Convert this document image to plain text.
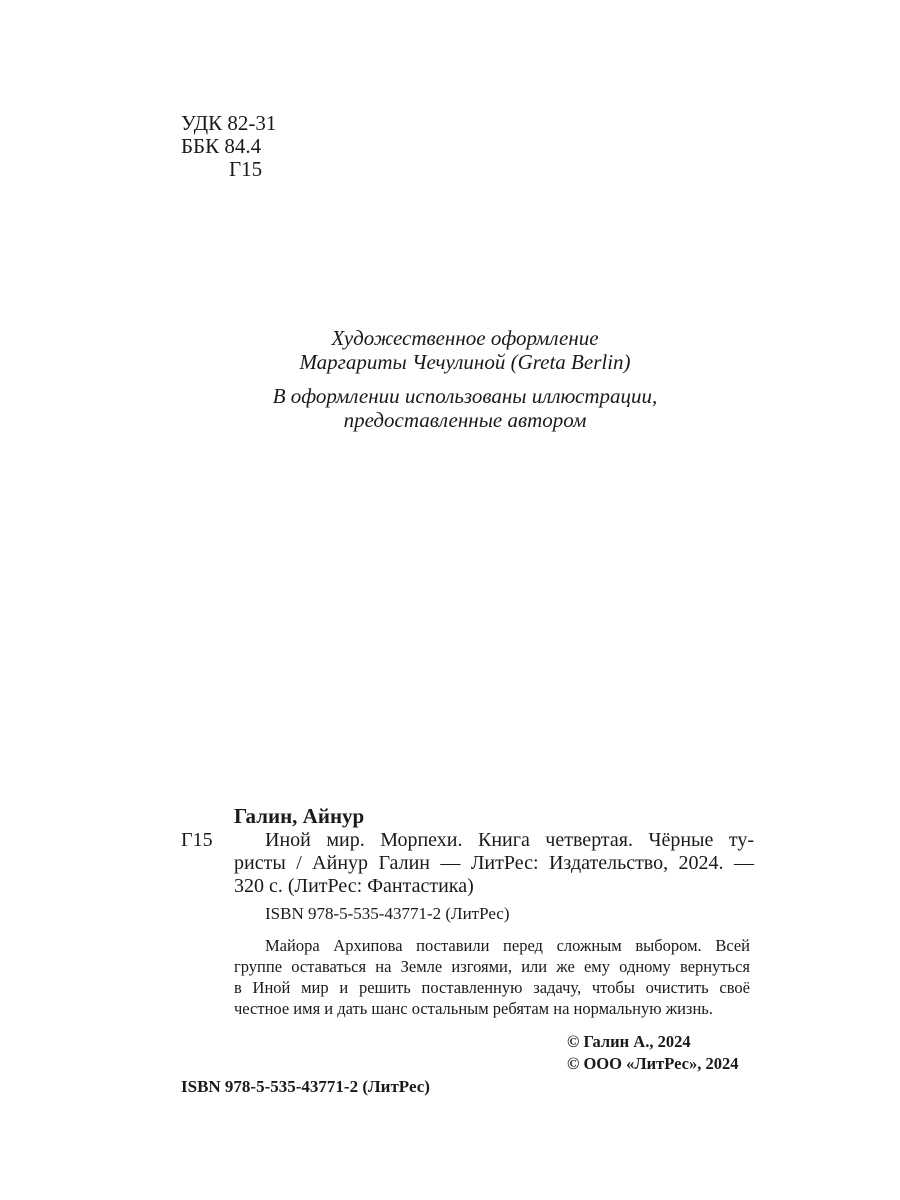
УДК 82-31
ББК 84.4
Г15
Художественное оформление
Маргариты Чечулиной (Greta Berlin)
В оформлении использованы иллюстрации,
предоставленные автором
Галин, Айнур
Г15	Иной мир. Морпехи. Книга четвертая. Чёрные ту-
ристы / Айнур Галин — ЛитРес: Издательство, 2024. —
320 с. (ЛитРес: Фантастика)
ISBN 978-5-535-43771-2 (ЛитРес)
Майора Архипова поставили перед сложным выбором. Всей
группе оставаться на Земле изгоями, или же ему одному вернуться
в Иной мир и решить поставленную задачу, чтобы очистить своё
честное имя и дать шанс остальным ребятам на нормальную жизнь.
ISBN 978-5-535-43771-2 (ЛитРес)
© Галин А., 2024
© ООО «ЛитРес», 2024
